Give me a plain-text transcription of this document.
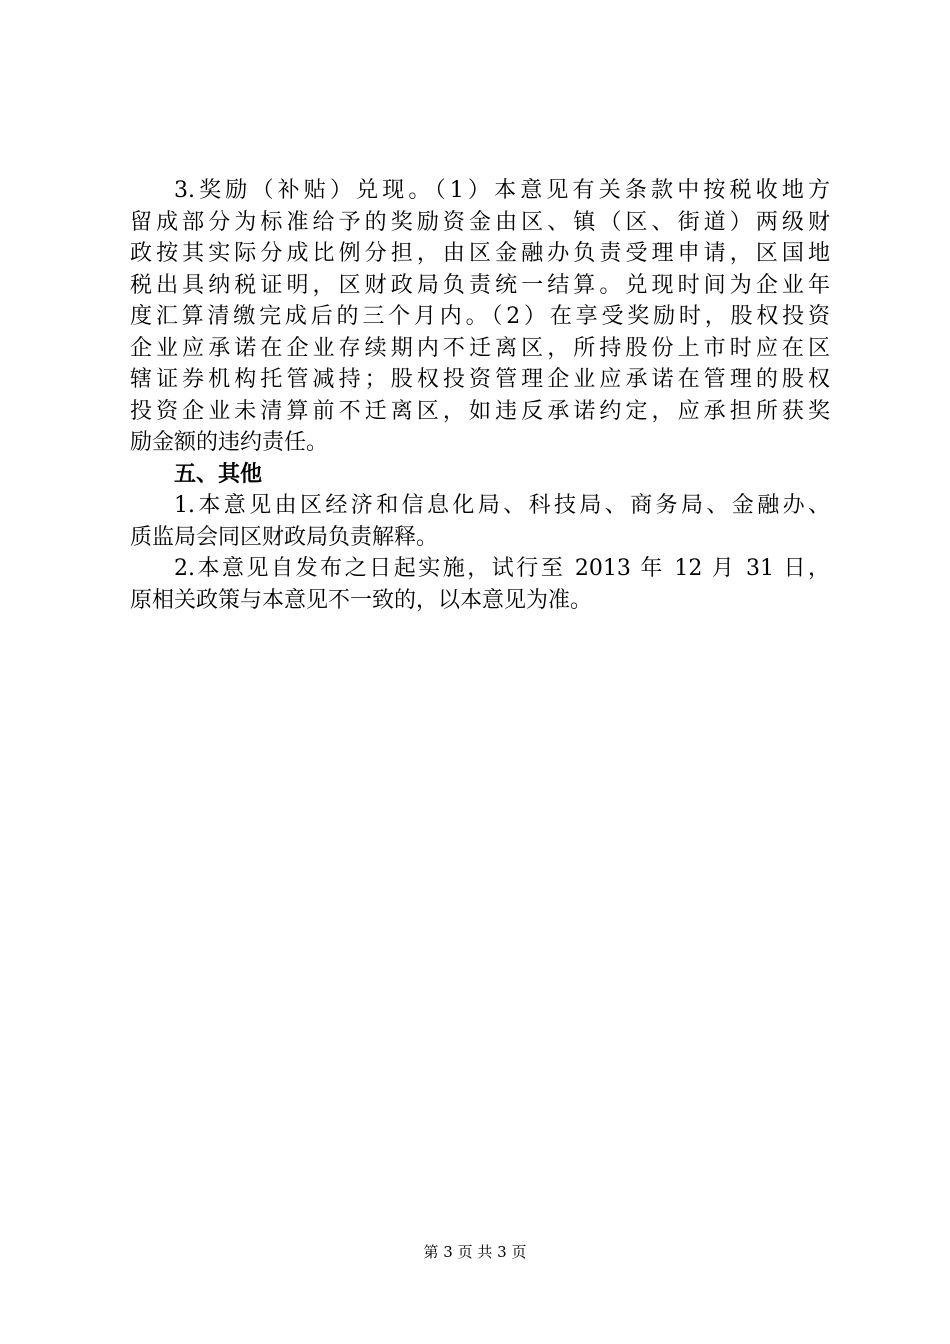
3.奖励（补贴）兑现。（1）本意见有关条款中按税收地方
留成部分为标准给予的奖励资金由区、镇（区、街道）两级财
政按其实际分成比例分担，由区金融办负责受理申请，区国地
税出具纳税证明，区财政局负责统一结算。兑现时间为企业年
度汇算清缴完成后的三个月内。（2）在享受奖励时，股权投资
企业应承诺在企业存续期内不迁离区，所持股份上市时应在区
辖证券机构托管减持；股权投资管理企业应承诺在管理的股权
投资企业未清算前不迁离区，如违反承诺约定，应承担所获奖
励金额的违约责任。
五、其他
1.本意见由区经济和信息化局、科技局、商务局、金融办、
质监局会同区财政局负责解释。
2.本意见自发布之日起实施，试行至 2013 年 12 月 31 日，
原相关政策与本意见不一致的，以本意见为准。
第 3 页 共 3 页
